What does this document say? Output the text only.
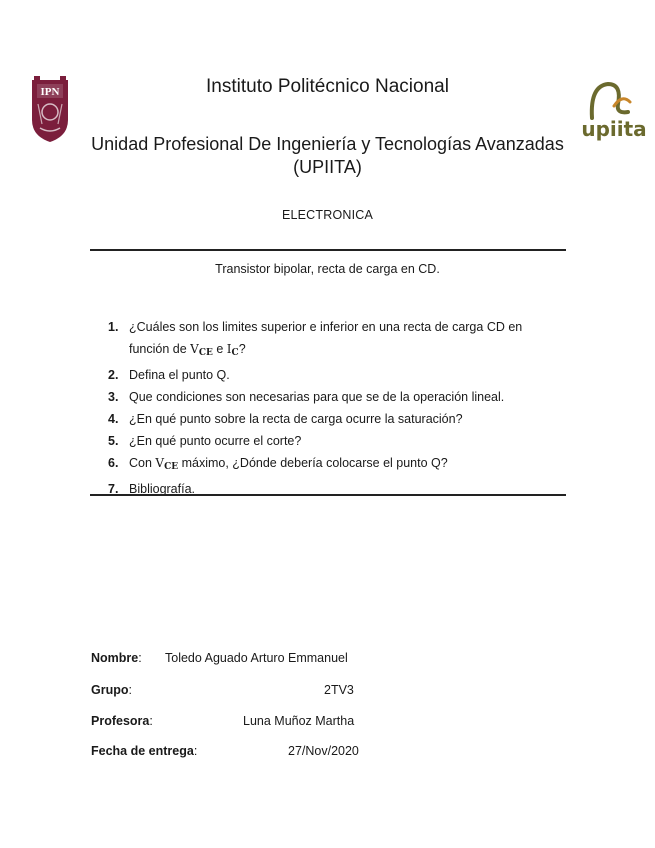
IPN
upiita
Instituto Politécnico Nacional
Unidad Profesional De Ingeniería y Tecnologías Avanzadas
(UPIITA)
ELECTRONICA
Transistor bipolar, recta de carga en CD.
1. ¿Cuáles son los limites superior e inferior en una recta de carga CD en
función de $V_{CE}$ e $I_C$?
2. Defina el punto Q.
3. Que condiciones son necesarias para que se de la operación lineal.
4. ¿En qué punto sobre la recta de carga ocurre la saturación?
5. ¿En qué punto ocurre el corte?
6. Con $V_{CE}$ máximo, ¿Dónde debería colocarse el punto Q?
7. Bibliografía.
Nombre: Toledo Aguado Arturo Emmanuel
Grupo:	2TV3
Profesora:	Luna Muñoz Martha
Fecha de entrega:	27/Nov/2020
